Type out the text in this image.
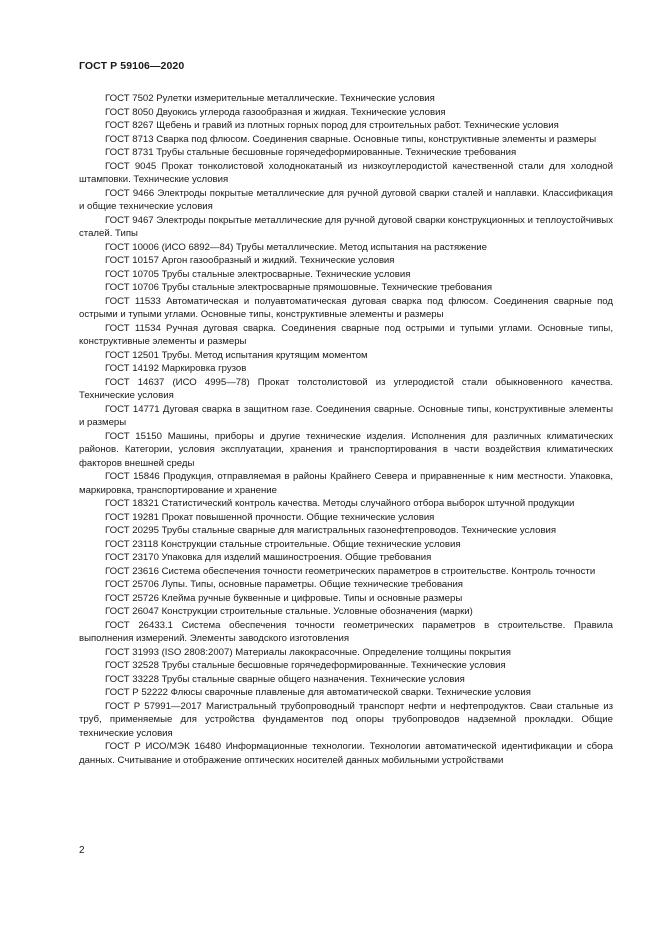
ГОСТ Р 59106—2020

ГОСТ 7502 Рулетки измерительные металлические. Технические условия

ГОСТ 8050 Двуокись углерода газообразная и жидкая. Технические условия

ГОСТ 8267 Щебень и гравий из плотных горных пород для строительных работ. Технические условия

ГОСТ 8713 Сварка под флюсом. Соединения сварные. Основные типы, конструктивные элементы и размеры

ГОСТ 8731 Трубы стальные бесшовные горячедеформированные. Технические требования

ГОСТ 9045 Прокат тонколистовой холоднокатаный из низкоуглеродистой качественной стали для холодной штамповки. Технические условия

ГОСТ 9466 Электроды покрытые металлические для ручной дуговой сварки сталей и наплавки. Классификация и общие технические условия

ГОСТ 9467 Электроды покрытые металлические для ручной дуговой сварки конструкционных и теплоустойчивых сталей. Типы

ГОСТ 10006 (ИСО 6892—84) Трубы металлические. Метод испытания на растяжение

ГОСТ 10157 Аргон газообразный и жидкий. Технические условия

ГОСТ 10705 Трубы стальные электросварные. Технические условия

ГОСТ 10706 Трубы стальные электросварные прямошовные. Технические требования

ГОСТ 11533 Автоматическая и полуавтоматическая дуговая сварка под флюсом. Соединения сварные под острыми и тупыми углами. Основные типы, конструктивные элементы и размеры

ГОСТ 11534 Ручная дуговая сварка. Соединения сварные под острыми и тупыми углами. Основные типы, конструктивные элементы и размеры

ГОСТ 12501 Трубы. Метод испытания крутящим моментом

ГОСТ 14192 Маркировка грузов

ГОСТ 14637 (ИСО 4995—78) Прокат толстолистовой из углеродистой стали обыкновенного качества. Технические условия

ГОСТ 14771 Дуговая сварка в защитном газе. Соединения сварные. Основные типы, конструктивные элементы и размеры

ГОСТ 15150 Машины, приборы и другие технические изделия. Исполнения для различных климатических районов. Категории, условия эксплуатации, хранения и транспортирования в части воздействия климатических факторов внешней среды

ГОСТ 15846 Продукция, отправляемая в районы Крайнего Севера и приравненные к ним местности. Упаковка, маркировка, транспортирование и хранение

ГОСТ 18321 Статистический контроль качества. Методы случайного отбора выборок штучной продукции

ГОСТ 19281 Прокат повышенной прочности. Общие технические условия

ГОСТ 20295 Трубы стальные сварные для магистральных газонефтепроводов. Технические условия

ГОСТ 23118 Конструкции стальные строительные. Общие технические условия

ГОСТ 23170 Упаковка для изделий машиностроения. Общие требования

ГОСТ 23616 Система обеспечения точности геометрических параметров в строительстве. Контроль точности

ГОСТ 25706 Лупы. Типы, основные параметры. Общие технические требования

ГОСТ 25726 Клейма ручные буквенные и цифровые. Типы и основные размеры

ГОСТ 26047 Конструкции строительные стальные. Условные обозначения (марки)

ГОСТ 26433.1 Система обеспечения точности геометрических параметров в строительстве. Правила выполнения измерений. Элементы заводского изготовления

ГОСТ 31993 (ISO 2808:2007) Материалы лакокрасочные. Определение толщины покрытия

ГОСТ 32528 Трубы стальные бесшовные горячедеформированные. Технические условия

ГОСТ 33228 Трубы стальные сварные общего назначения. Технические условия

ГОСТ Р 52222 Флюсы сварочные плавленые для автоматической сварки. Технические условия

ГОСТ Р 57991—2017 Магистральный трубопроводный транспорт нефти и нефтепродуктов. Сваи стальные из труб, применяемые для устройства фундаментов под опоры трубопроводов надземной прокладки. Общие технические условия

ГОСТ Р ИСО/МЭК 16480 Информационные технологии. Технологии автоматической идентификации и сбора данных. Считывание и отображение оптических носителей данных мобильными устройствами

2
